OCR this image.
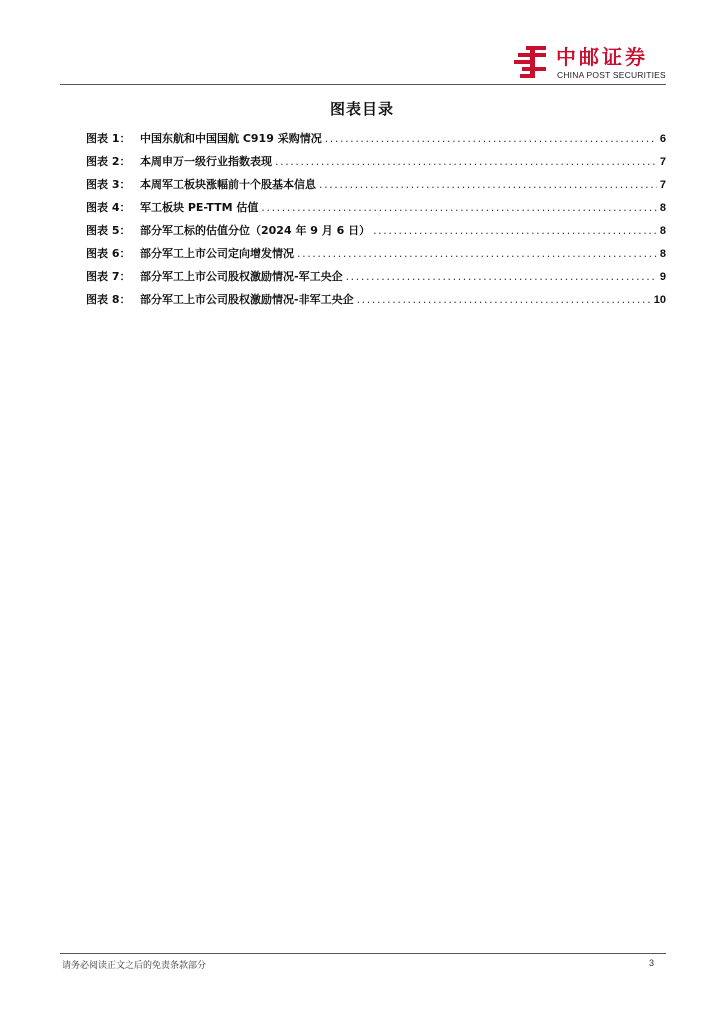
中邮证券
CHINA POST SECURITIES
图表目录
图表 1： 中国东航和中国国航 C919 采购情况 .....	6
图表 2： 本周申万一级行业指数表现 .....	7
图表 3： 本周军工板块涨幅前十个股基本信息 .....	7
图表 4： 军工板块 PE-TTM 估值 .....	8
图表 5： 部分军工标的估值分位（2024 年 9 月 6 日） .....	8
图表 6： 部分军工上市公司定向增发情况 .....	8
图表 7： 部分军工上市公司股权激励情况-军工央企 .....	9
图表 8： 部分军工上市公司股权激励情况-非军工央企 .....	10
请务必阅读正文之后的免责条款部分	3
